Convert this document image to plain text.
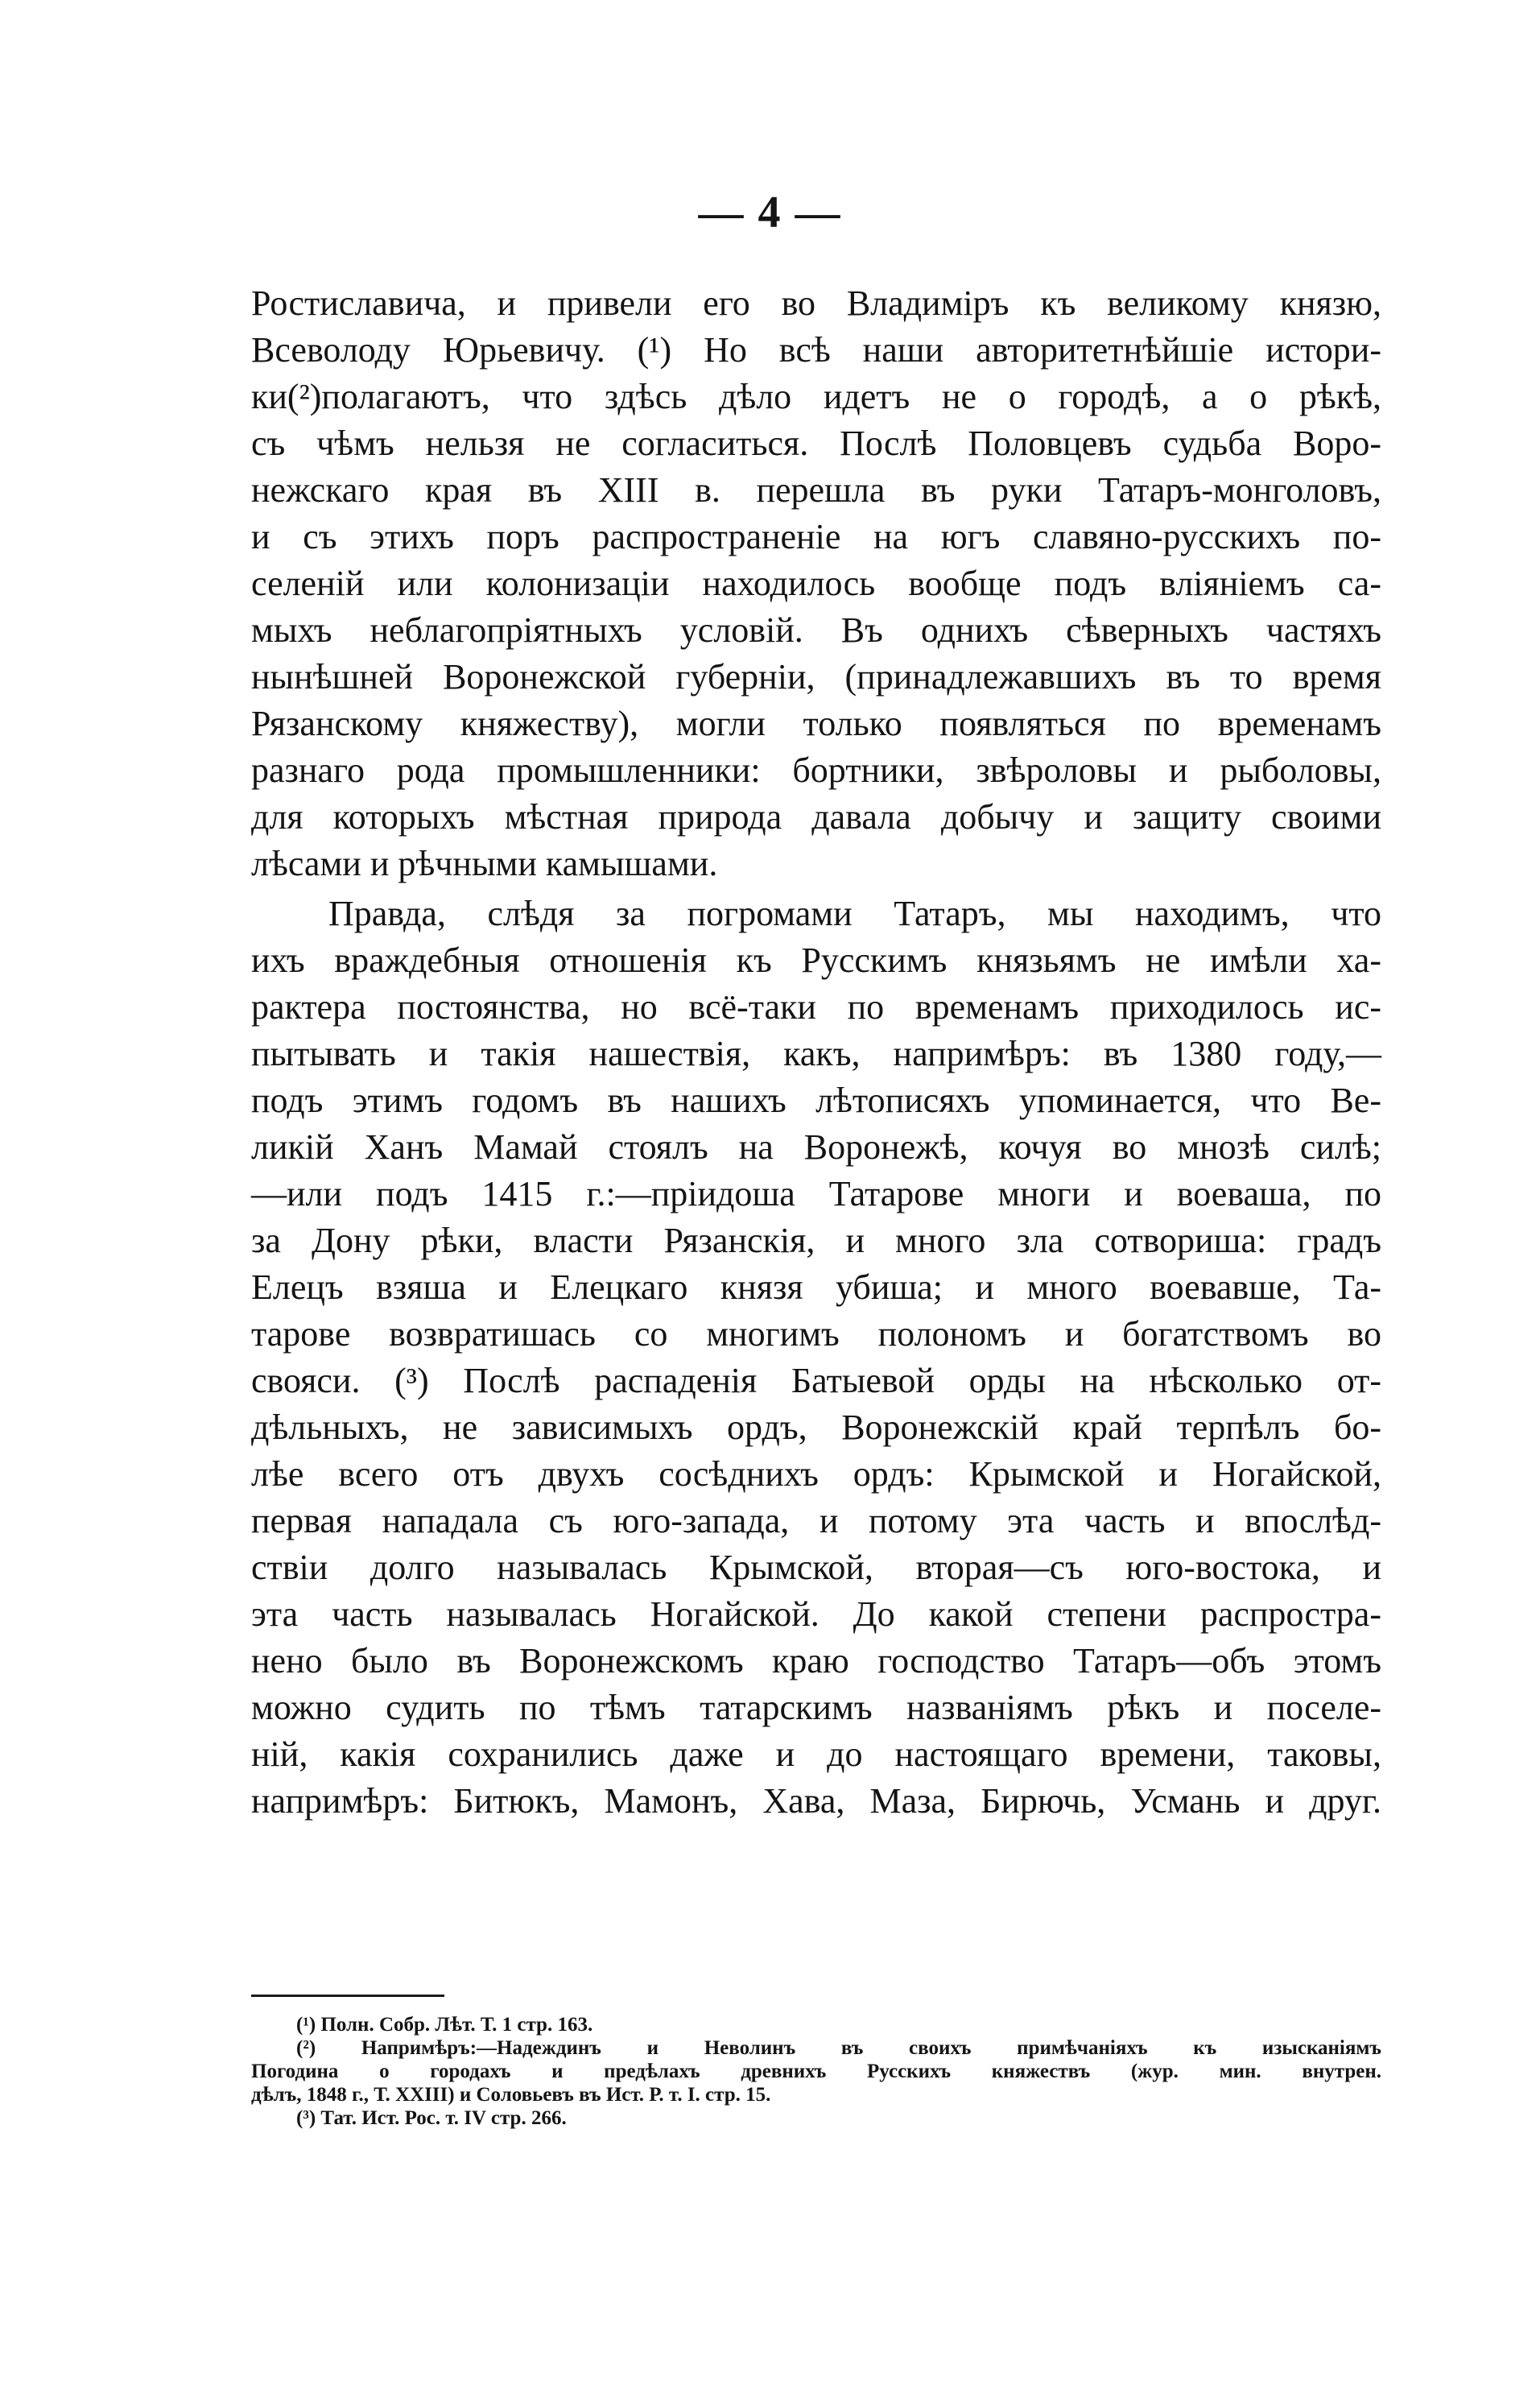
— 4 —
Ростиславича, и привели его во Владиміръ къ великому князю,
Всеволоду Юрьевичу. (¹) Но всѣ наши авторитетнѣйшіе истори-
ки(²)полагаютъ, что здѣсь дѣло идетъ не о городѣ, а о рѣкѣ,
съ чѣмъ нельзя не согласиться. Послѣ Половцевъ судьба Воро-
нежскаго края въ XIII в. перешла въ руки Татаръ-монголовъ,
и съ этихъ поръ распространеніе на югъ славяно-русскихъ по-
селеній или колонизаціи находилось вообще подъ вліяніемъ са-
мыхъ неблагопріятныхъ условій. Въ однихъ сѣверныхъ частяхъ
нынѣшней Воронежской губерніи, (принадлежавшихъ въ то время
Рязанскому княжеству), могли только появляться по временамъ
разнаго рода промышленники: бортники, звѣроловы и рыболовы,
для которыхъ мѣстная природа давала добычу и защиту своими
лѣсами и рѣчными камышами.
Правда, слѣдя за погромами Татаръ, мы находимъ, что
ихъ враждебныя отношенія къ Русскимъ князьямъ не имѣли ха-
рактера постоянства, но всё-таки по временамъ приходилось ис-
пытывать и такія нашествія, какъ, напримѣръ: въ 1380 году,—
подъ этимъ годомъ въ нашихъ лѣтописяхъ упоминается, что Ве-
ликій Ханъ Мамай стоялъ на Воронежѣ, кочуя во мнозѣ силѣ;
—или подъ 1415 г.:—пріидоша Татарове многи и воеваша, по
за Дону рѣки, власти Рязанскія, и много зла сотвориша: градъ
Елецъ взяша и Елецкаго князя убиша; и много воевавше, Та-
тарове возвратишась со многимъ полономъ и богатствомъ во
свояси. (³) Послѣ распаденія Батыевой орды на нѣсколько от-
дѣльныхъ, не зависимыхъ ордъ, Воронежскій край терпѣлъ бо-
лѣе всего отъ двухъ сосѣднихъ ордъ: Крымской и Ногайской,
первая нападала съ юго-запада, и потому эта часть и впослѣд-
ствіи долго называлась Крымской, вторая—съ юго-востока, и
эта часть называлась Ногайской. До какой степени распростра-
нено было въ Воронежскомъ краю господство Татаръ—объ этомъ
можно судить по тѣмъ татарскимъ названіямъ рѣкъ и поселе-
ній, какія сохранились даже и до настоящаго времени, таковы,
напримѣръ: Битюкъ, Мамонъ, Хава, Маза, Бирючь, Усмань и друг.
(¹) Полн. Собр. Лѣт. Т. 1 стр. 163.
(²) Напримѣръ:—Надеждинъ и Неволинъ въ своихъ примѣчаніяхъ къ изысканіямъ
Погодина о городахъ и предѣлахъ древнихъ Русскихъ княжествъ (жур. мин. внутрен.
дѣлъ, 1848 г., Т. XXIII) и Соловьевъ въ Ист. Р. т. I. стр. 15.
(³) Тат. Ист. Рос. т. IV стр. 266.
